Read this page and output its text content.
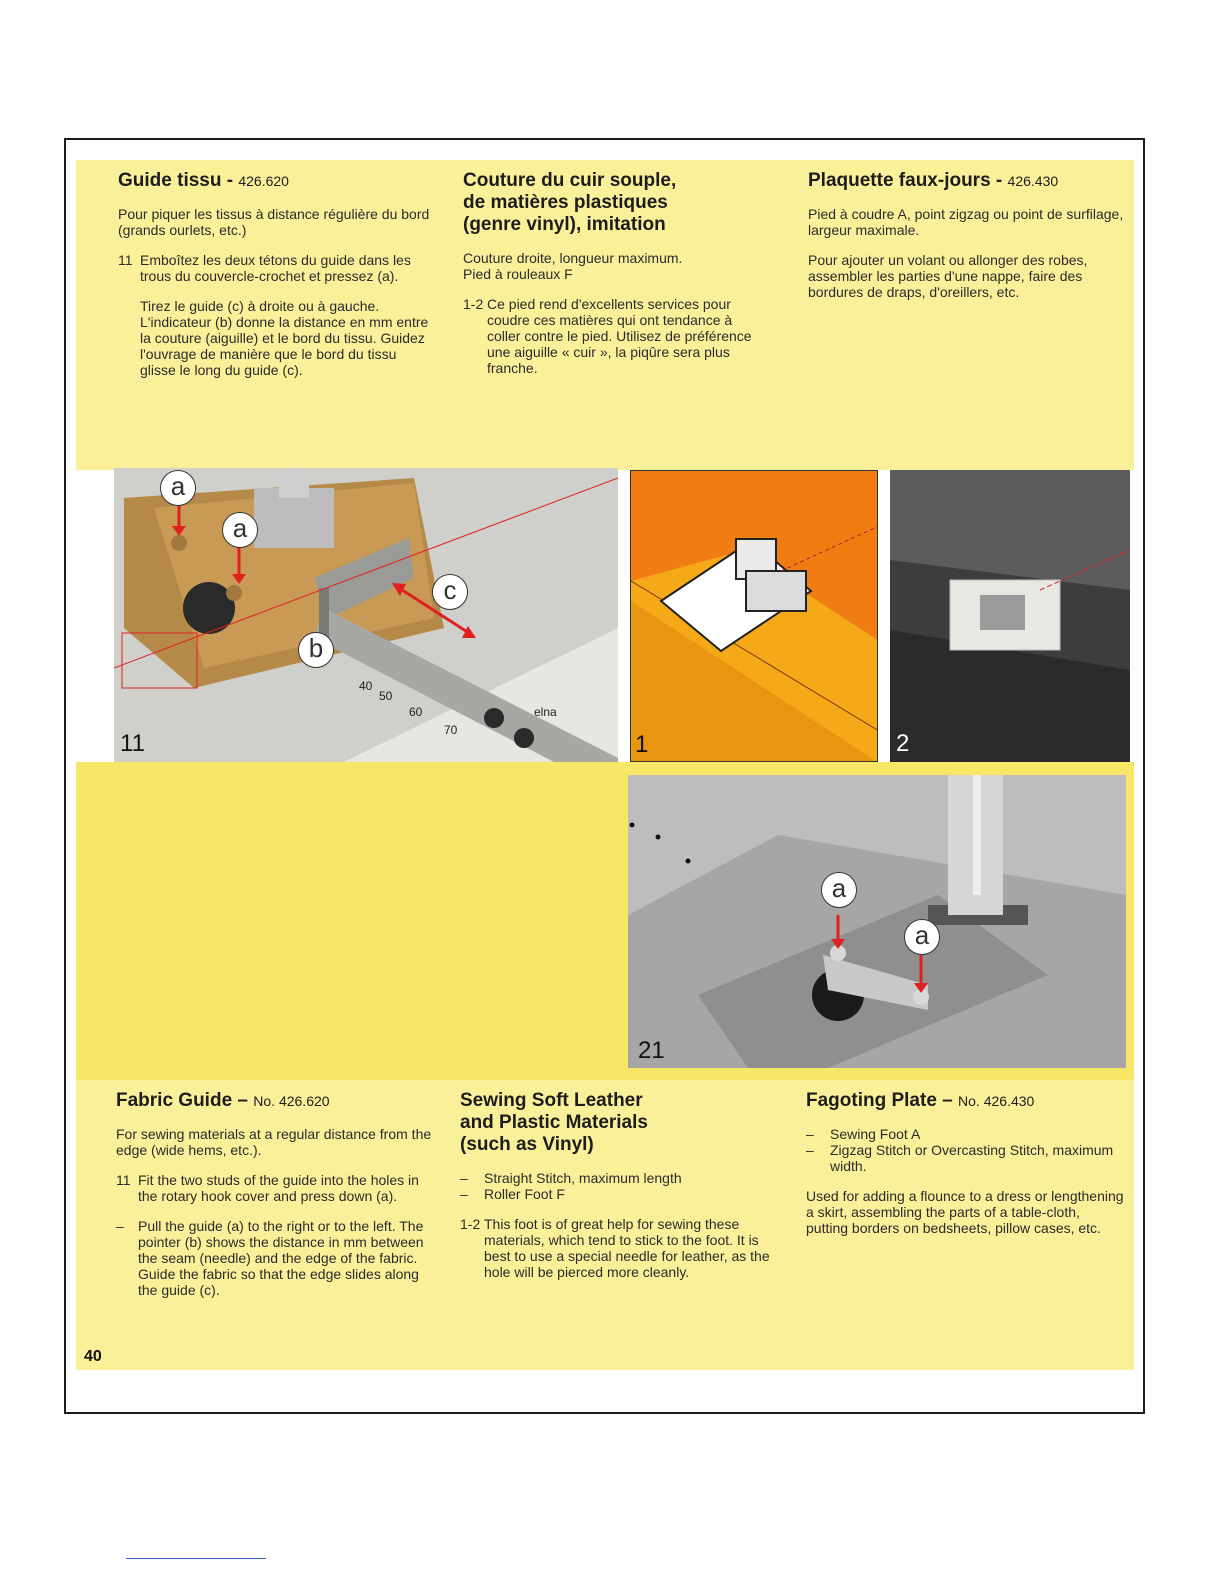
Guide tissu - 426.620

Pour piquer les tissus à distance régulière du bord (grands ourlets, etc.)

11 Emboîtez les deux tétons du guide dans les trous du couvercle-crochet et pressez (a).
Tirez le guide (c) à droite ou à gauche. L'indicateur (b) donne la distance en mm entre la couture (aiguille) et le bord du tissu. Guidez l'ouvrage de manière que le bord du tissu glisse le long du guide (c).

Couture du cuir souple,

de matières plastiques

(genre vinyl), imitation

Couture droite, longueur maximum.

Pied à rouleaux F

1-2 Ce pied rend d'excellents services pour coudre ces matières qui ont tendance à coller contre le pied. Utilisez de préférence une aiguille « cuir », la piqûre sera plus franche.

Plaquette faux-jours - 426.430

Pied à coudre A, point zigzag ou point de surfilage, largeur maximale.

Pour ajouter un volant ou allonger des robes, assembler les parties d'une nappe, faire des bordures de draps, d'oreillers, etc.

40
50
60
70
elna
a
a
c
b
11	1	2
a
a
21

Fabric Guide – No. 426.620

For sewing materials at a regular distance from the edge (wide hems, etc.).

11 Fit the two studs of the guide into the holes in the rotary hook cover and press down (a).
–	Pull the guide (a) to the right or to the left. The pointer (b) shows the distance in mm between the seam (needle) and the edge of the fabric. Guide the fabric so that the edge slides along the guide (c).

Sewing Soft Leather

and Plastic Materials

(such as Vinyl)

–	Straight Stitch, maximum length
–	Roller Foot F
1-2 This foot is of great help for sewing these materials, which tend to stick to the foot. It is best to use a special needle for leather, as the hole will be pierced more cleanly.

Fagoting Plate – No. 426.430

–	Sewing Foot A
–	Zigzag Stitch or Overcasting Stitch, maximum width.

Used for adding a flounce to a dress or lengthening a skirt, assembling the parts of a table-cloth, putting borders on bedsheets, pillow cases, etc.

40
